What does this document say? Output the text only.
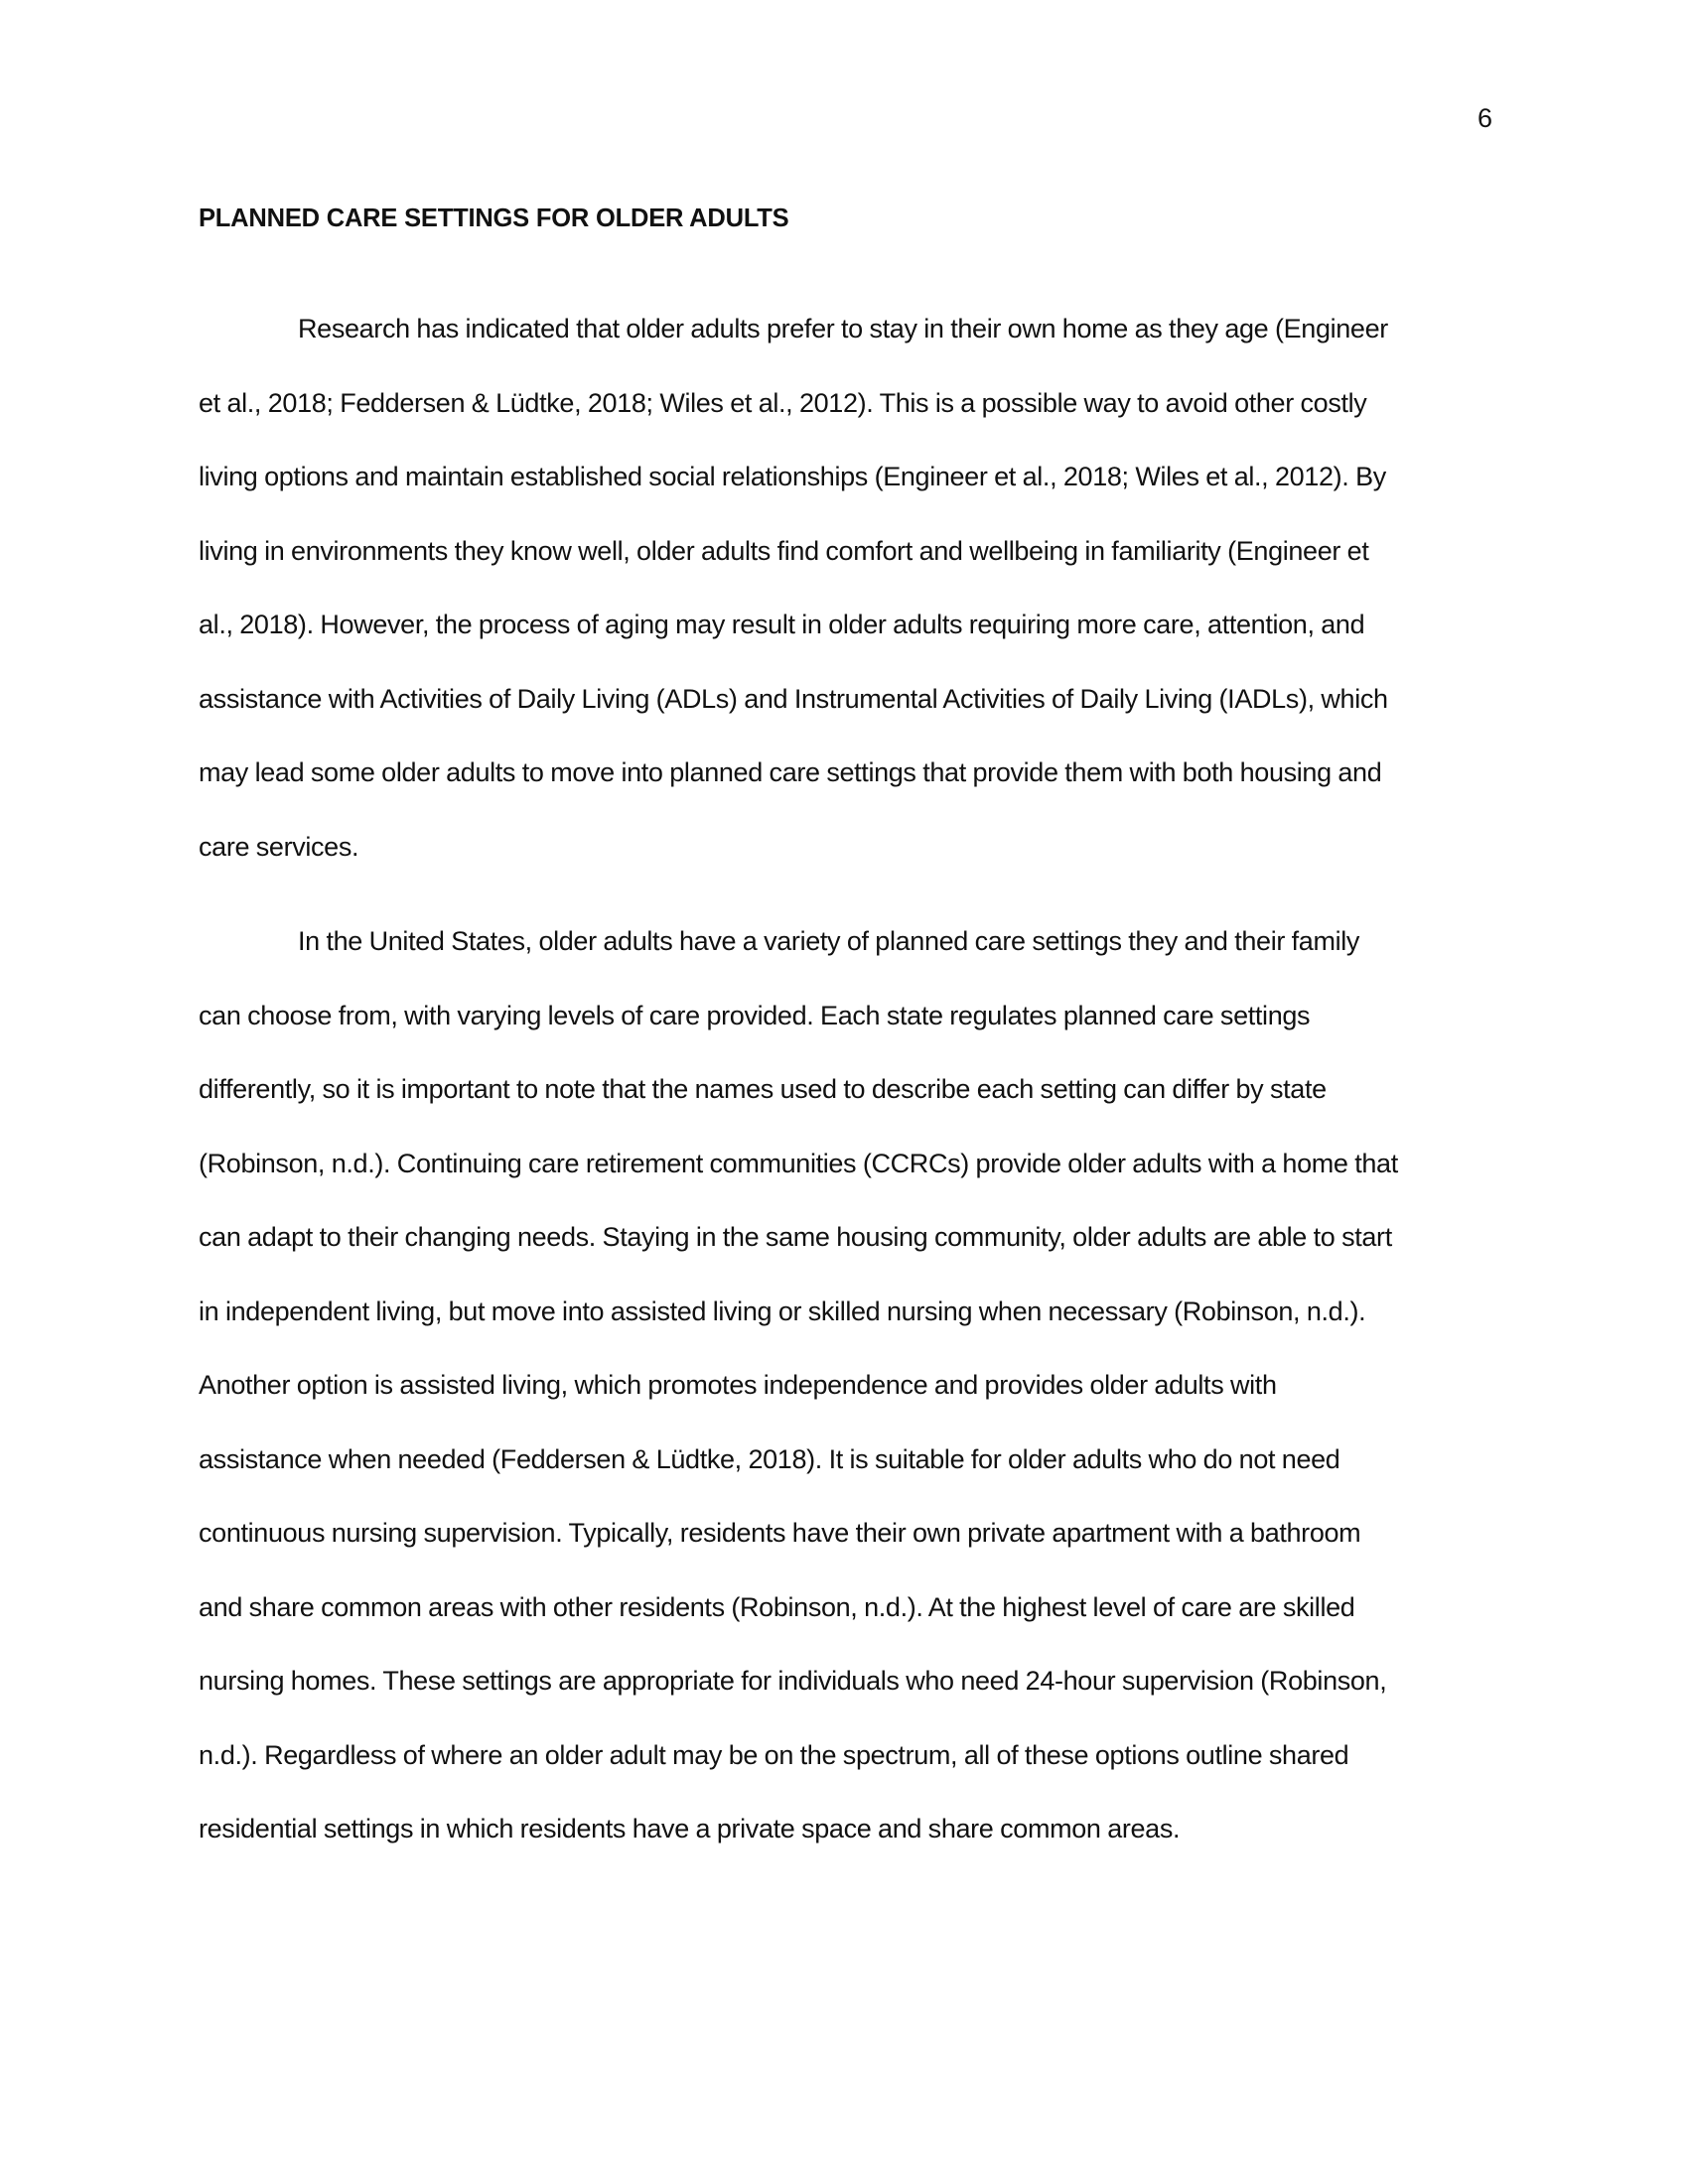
6

PLANNED CARE SETTINGS FOR OLDER ADULTS

Research has indicated that older adults prefer to stay in their own home as they age (Engineer
et al., 2018; Feddersen & Lüdtke, 2018; Wiles et al., 2012). This is a possible way to avoid other costly
living options and maintain established social relationships (Engineer et al., 2018; Wiles et al., 2012). By
living in environments they know well, older adults find comfort and wellbeing in familiarity (Engineer et
al., 2018). However, the process of aging may result in older adults requiring more care, attention, and
assistance with Activities of Daily Living (ADLs) and Instrumental Activities of Daily Living (IADLs), which
may lead some older adults to move into planned care settings that provide them with both housing and
care services.

In the United States, older adults have a variety of planned care settings they and their family
can choose from, with varying levels of care provided. Each state regulates planned care settings
differently, so it is important to note that the names used to describe each setting can differ by state
(Robinson, n.d.). Continuing care retirement communities (CCRCs) provide older adults with a home that
can adapt to their changing needs. Staying in the same housing community, older adults are able to start
in independent living, but move into assisted living or skilled nursing when necessary (Robinson, n.d.).
Another option is assisted living, which promotes independence and provides older adults with
assistance when needed (Feddersen & Lüdtke, 2018). It is suitable for older adults who do not need
continuous nursing supervision. Typically, residents have their own private apartment with a bathroom
and share common areas with other residents (Robinson, n.d.). At the highest level of care are skilled
nursing homes. These settings are appropriate for individuals who need 24-hour supervision (Robinson,
n.d.). Regardless of where an older adult may be on the spectrum, all of these options outline shared
residential settings in which residents have a private space and share common areas.
